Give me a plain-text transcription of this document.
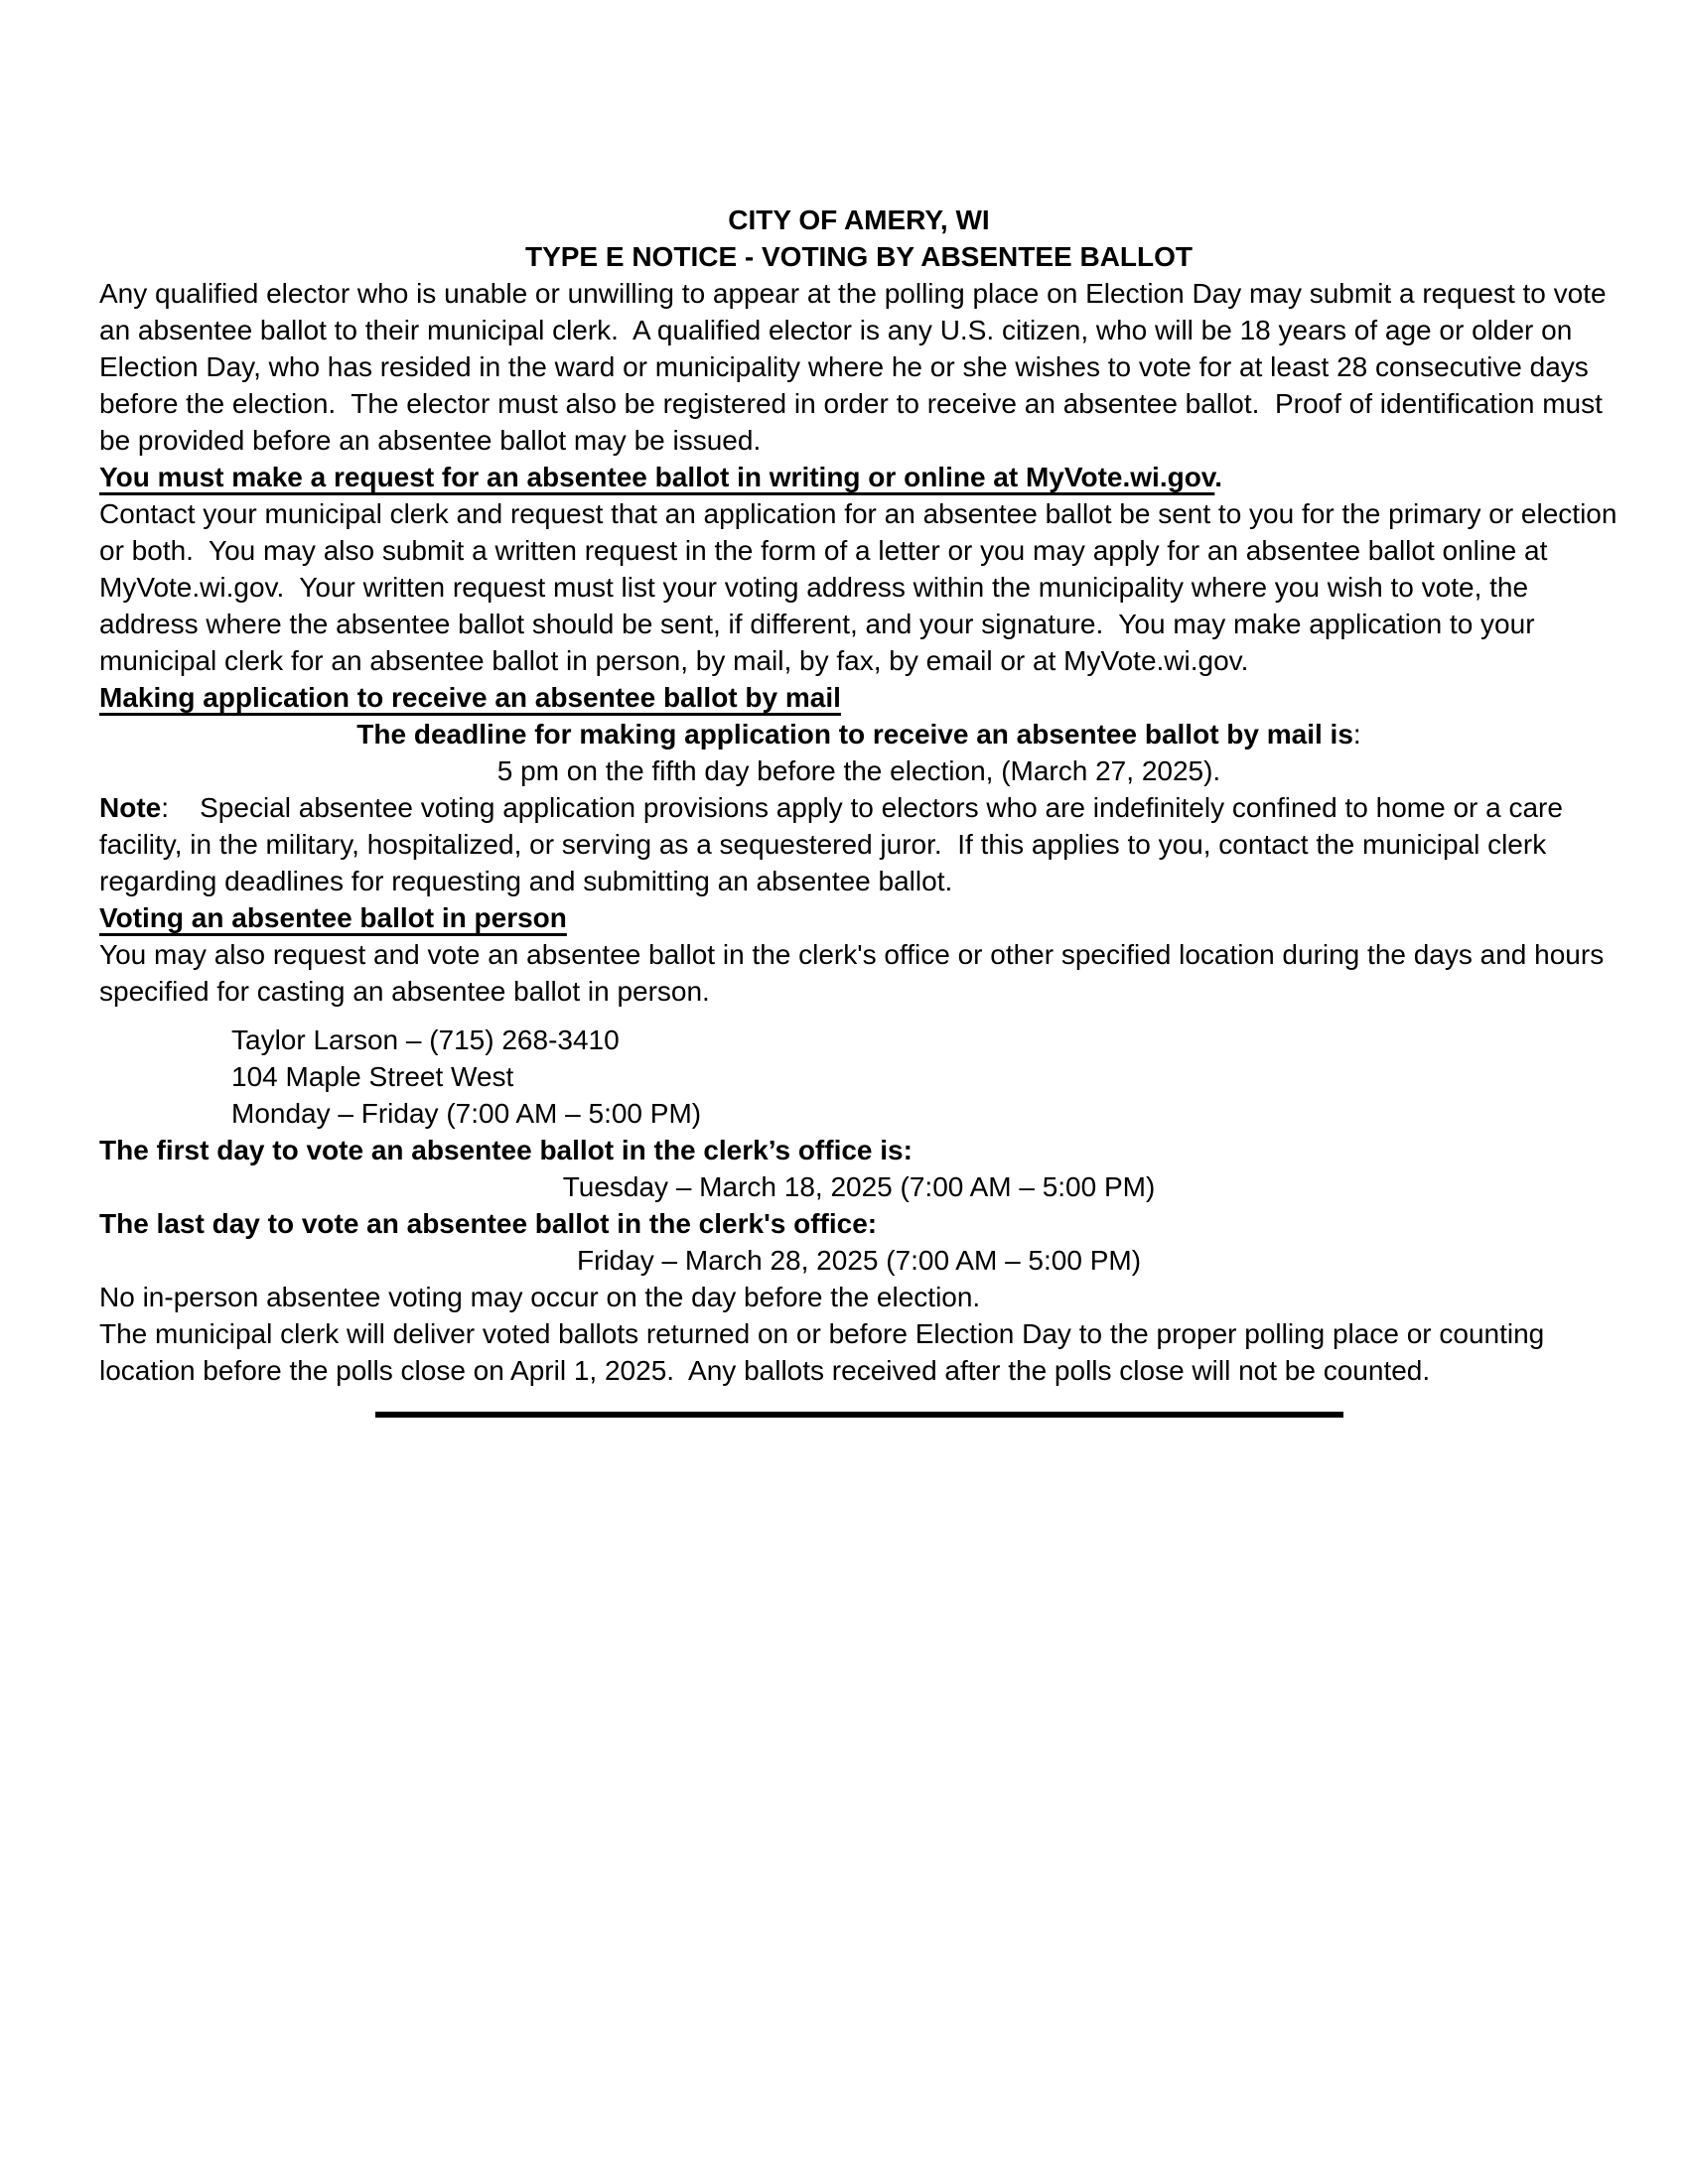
CITY OF AMERY, WI
TYPE E NOTICE - VOTING BY ABSENTEE BALLOT

Any qualified elector who is unable or unwilling to appear at the polling place on Election Day may submit a request to vote an absentee ballot to their municipal clerk.  A qualified elector is any U.S. citizen, who will be 18 years of age or older on Election Day, who has resided in the ward or municipality where he or she wishes to vote for at least 28 consecutive days before the election.  The elector must also be registered in order to receive an absentee ballot.  Proof of identification must be provided before an absentee ballot may be issued.

You must make a request for an absentee ballot in writing or online at MyVote.wi.gov.

Contact your municipal clerk and request that an application for an absentee ballot be sent to you for the primary or election or both.  You may also submit a written request in the form of a letter or you may apply for an absentee ballot online at MyVote.wi.gov.  Your written request must list your voting address within the municipality where you wish to vote, the address where the absentee ballot should be sent, if different, and your signature.  You may make application to your municipal clerk for an absentee ballot in person, by mail, by fax, by email or at MyVote.wi.gov.

Making application to receive an absentee ballot by mail

The deadline for making application to receive an absentee ballot by mail is:
5 pm on the fifth day before the election, (March 27, 2025).

Note:    Special absentee voting application provisions apply to electors who are indefinitely confined to home or a care facility, in the military, hospitalized, or serving as a sequestered juror.  If this applies to you, contact the municipal clerk regarding deadlines for requesting and submitting an absentee ballot.

Voting an absentee ballot in person

You may also request and vote an absentee ballot in the clerk's office or other specified location during the days and hours specified for casting an absentee ballot in person.

Taylor Larson – (715) 268-3410
104 Maple Street West
Monday – Friday (7:00 AM – 5:00 PM)

The first day to vote an absentee ballot in the clerk’s office is:

Tuesday – March 18, 2025 (7:00 AM – 5:00 PM)

The last day to vote an absentee ballot in the clerk's office:

Friday – March 28, 2025 (7:00 AM – 5:00 PM)

No in-person absentee voting may occur on the day before the election.

The municipal clerk will deliver voted ballots returned on or before Election Day to the proper polling place or counting location before the polls close on April 1, 2025.  Any ballots received after the polls close will not be counted.
